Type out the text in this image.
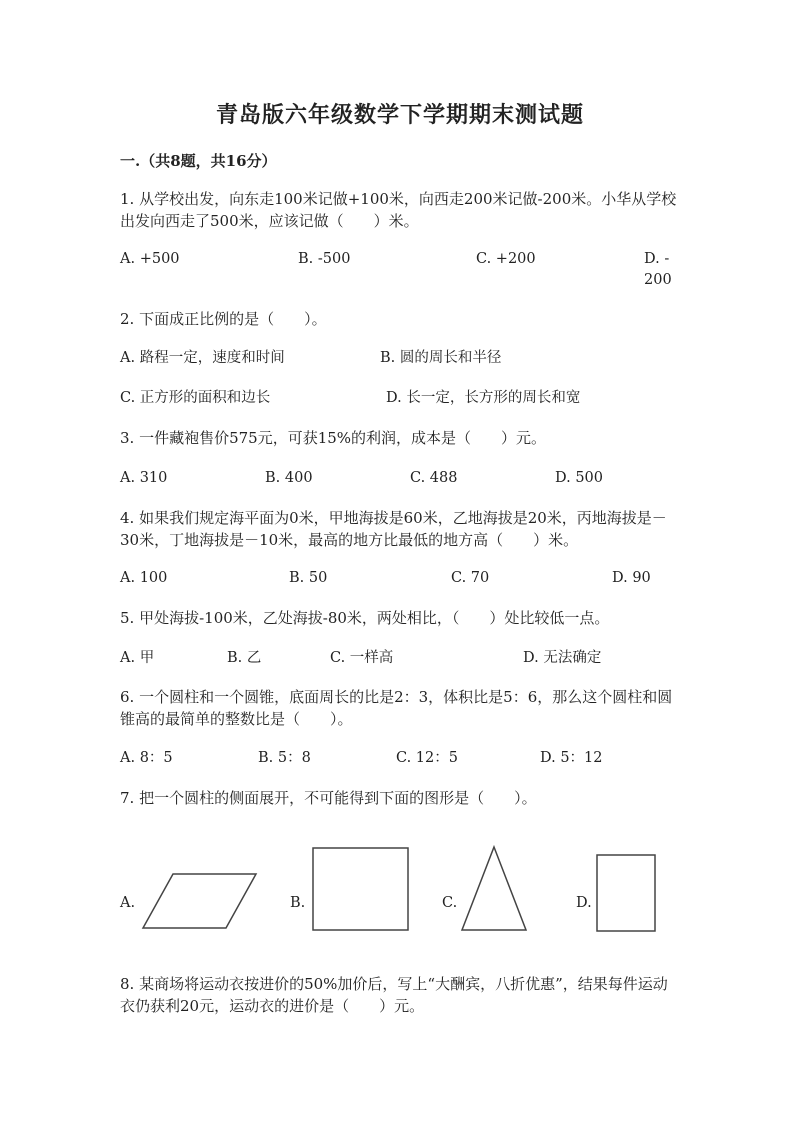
青岛版六年级数学下学期期末测试题
一.（共8题，共16分）
1. 从学校出发，向东走100米记做+100米，向西走200米记做-200米。小华从学校出发向西走了500米，应该记做（　　）米。
A. +500	B. -500	C. +200	D. -200
2. 下面成正比例的是（　　）。
A. 路程一定，速度和时间	B. 圆的周长和半径
C. 正方形的面积和边长	D. 长一定，长方形的周长和宽
3. 一件藏袍售价575元，可获15%的利润，成本是（　　）元。
A. 310	B. 400	C. 488	D. 500
4. 如果我们规定海平面为0米，甲地海拔是60米，乙地海拔是20米，丙地海拔是－30米，丁地海拔是－10米，最高的地方比最低的地方高（　　）米。
A. 100	B. 50	C. 70	D. 90
5. 甲处海拔-100米，乙处海拔-80米，两处相比，（　　）处比较低一点。
A. 甲	B. 乙	C. 一样高	D. 无法确定
6. 一个圆柱和一个圆锥，底面周长的比是2：3，体积比是5：6，那么这个圆柱和圆锥高的最简单的整数比是（　　）。
A. 8：5	B. 5：8	C. 12：5	D. 5：12
7. 把一个圆柱的侧面展开，不可能得到下面的图形是（　　）。
A.	B.	C.	D.
8. 某商场将运动衣按进价的50%加价后，写上“大酬宾，八折优惠”，结果每件运动衣仍获利20元，运动衣的进价是（　　）元。
